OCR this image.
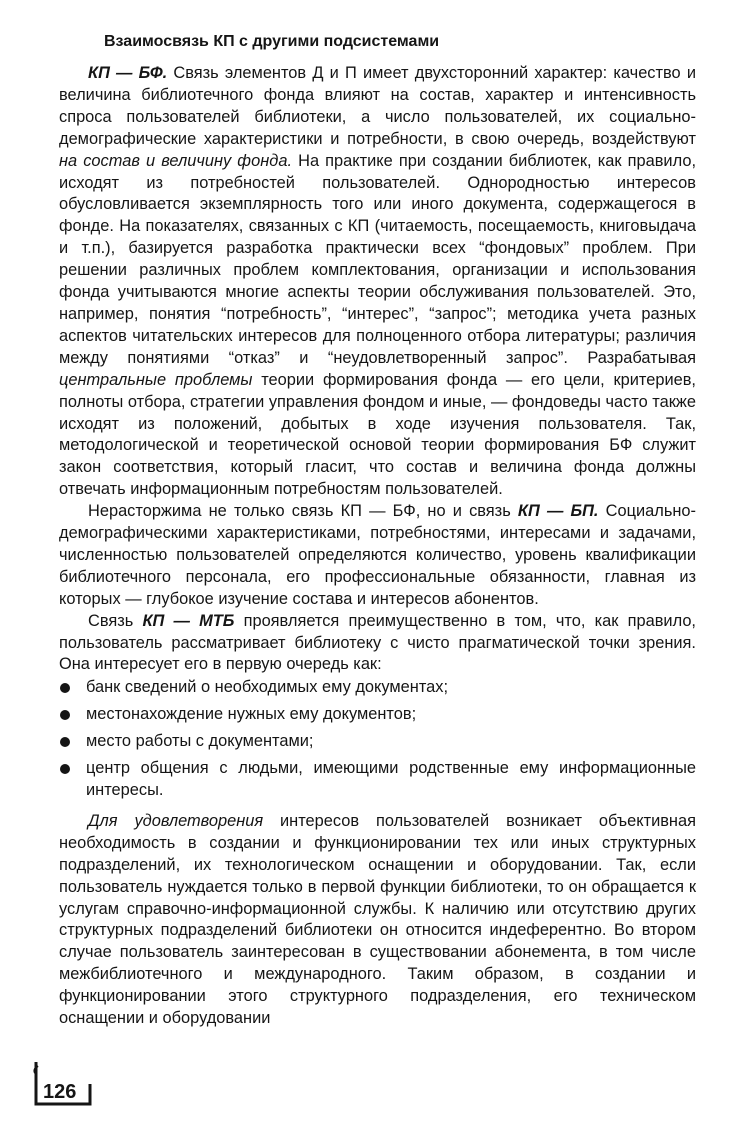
Взаимосвязь КП с другими подсистемами

КП — БФ. Связь элементов Д и П имеет двухсторонний характер: качество и величина библиотечного фонда влияют на состав, характер и интенсивность спроса пользователей библиотеки, а число пользователей, их социально-демографические характеристики и потребности, в свою очередь, воздействуют на состав и величину фонда. На практике при создании библиотек, как правило, исходят из потребностей пользователей. Однородностью интересов обусловливается экземплярность того или иного документа, содержащегося в фонде. На показателях, связанных с КП (читаемость, посещаемость, книговыдача и т.п.), базируется разработка практически всех “фондовых” проблем. При решении различных проблем комплектования, организации и использования фонда учитываются многие аспекты теории обслуживания пользователей. Это, например, понятия “потребность”, “интерес”, “запрос”; методика учета разных аспектов читательских интересов для полноценного отбора литературы; различия между понятиями “отказ” и “неудовлетворенный запрос”. Разрабатывая центральные проблемы теории формирования фонда — его цели, критериев, полноты отбора, стратегии управления фондом и иные, — фондоведы часто также исходят из положений, добытых в ходе изучения пользователя. Так, методологической и теоретической основой теории формирования БФ служит закон соответствия, который гласит, что состав и величина фонда должны отвечать информационным потребностям пользователей.

Нерасторжима не только связь КП — БФ, но и связь КП — БП. Социально-демографическими характеристиками, потребностями, интересами и задачами, численностью пользователей определяются количество, уровень квалификации библиотечного персонала, его профессиональные обязанности, главная из которых — глубокое изучение состава и интересов абонентов.

Связь КП — МТБ проявляется преимущественно в том, что, как правило, пользователь рассматривает библиотеку с чисто прагматической точки зрения. Она интересует его в первую очередь как:

банк сведений о необходимых ему документах;
местонахождение нужных ему документов;
место работы с документами;
центр общения с людьми, имеющими родственные ему информационные интересы.

Для удовлетворения интересов пользователей возникает объективная необходимость в создании и функционировании тех или иных структурных подразделений, их технологическом оснащении и оборудовании. Так, если пользователь нуждается только в первой функции библиотеки, то он обращается к услугам справочно-информационной службы. К наличию или отсутствию других структурных подразделений библиотеки он относится индеферентно. Во втором случае пользователь заинтересован в существовании абонемента, в том числе межбиблиотечного и международного. Таким образом, в создании и функционировании этого структурного подразделения, его техническом оснащении и оборудовании

126
